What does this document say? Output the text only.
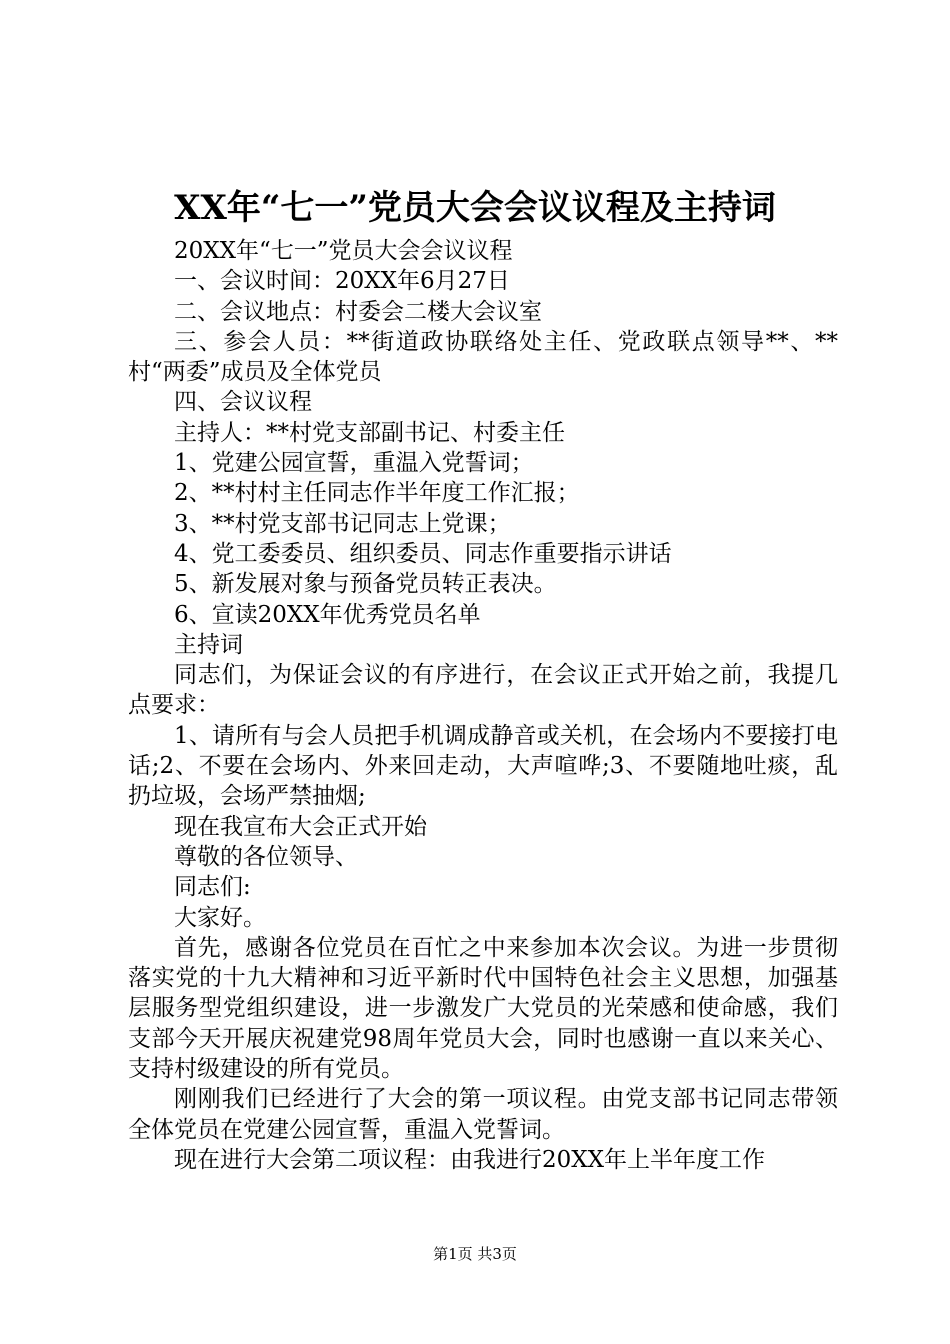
XX年“七一”党员大会会议议程及主持词

20XX年“七一”党员大会会议议程

一、会议时间：20XX年6月27日

二、会议地点：村委会二楼大会议室

三、参会人员：**街道政协联络处主任、党政联点领导**、**村“两委”成员及全体党员

四、会议议程

主持人：**村党支部副书记、村委主任

1、党建公园宣誓，重温入党誓词；

2、**村村主任同志作半年度工作汇报；

3、**村党支部书记同志上党课；

4、党工委委员、组织委员、同志作重要指示讲话

5、新发展对象与预备党员转正表决。

6、宣读20XX年优秀党员名单

主持词

同志们，为保证会议的有序进行，在会议正式开始之前，我提几点要求：

1、请所有与会人员把手机调成静音或关机，在会场内不要接打电话;2、不要在会场内、外来回走动，大声喧哗;3、不要随地吐痰，乱扔垃圾，会场严禁抽烟;

现在我宣布大会正式开始

尊敬的各位领导、

同志们:

大家好。

首先，感谢各位党员在百忙之中来参加本次会议。为进一步贯彻落实党的十九大精神和习近平新时代中国特色社会主义思想，加强基层服务型党组织建设，进一步激发广大党员的光荣感和使命感，我们支部今天开展庆祝建党98周年党员大会，同时也感谢一直以来关心、支持村级建设的所有党员。

刚刚我们已经进行了大会的第一项议程。由党支部书记同志带领全体党员在党建公园宣誓，重温入党誓词。

现在进行大会第二项议程：由我进行20XX年上半年度工作

第1页 共3页
